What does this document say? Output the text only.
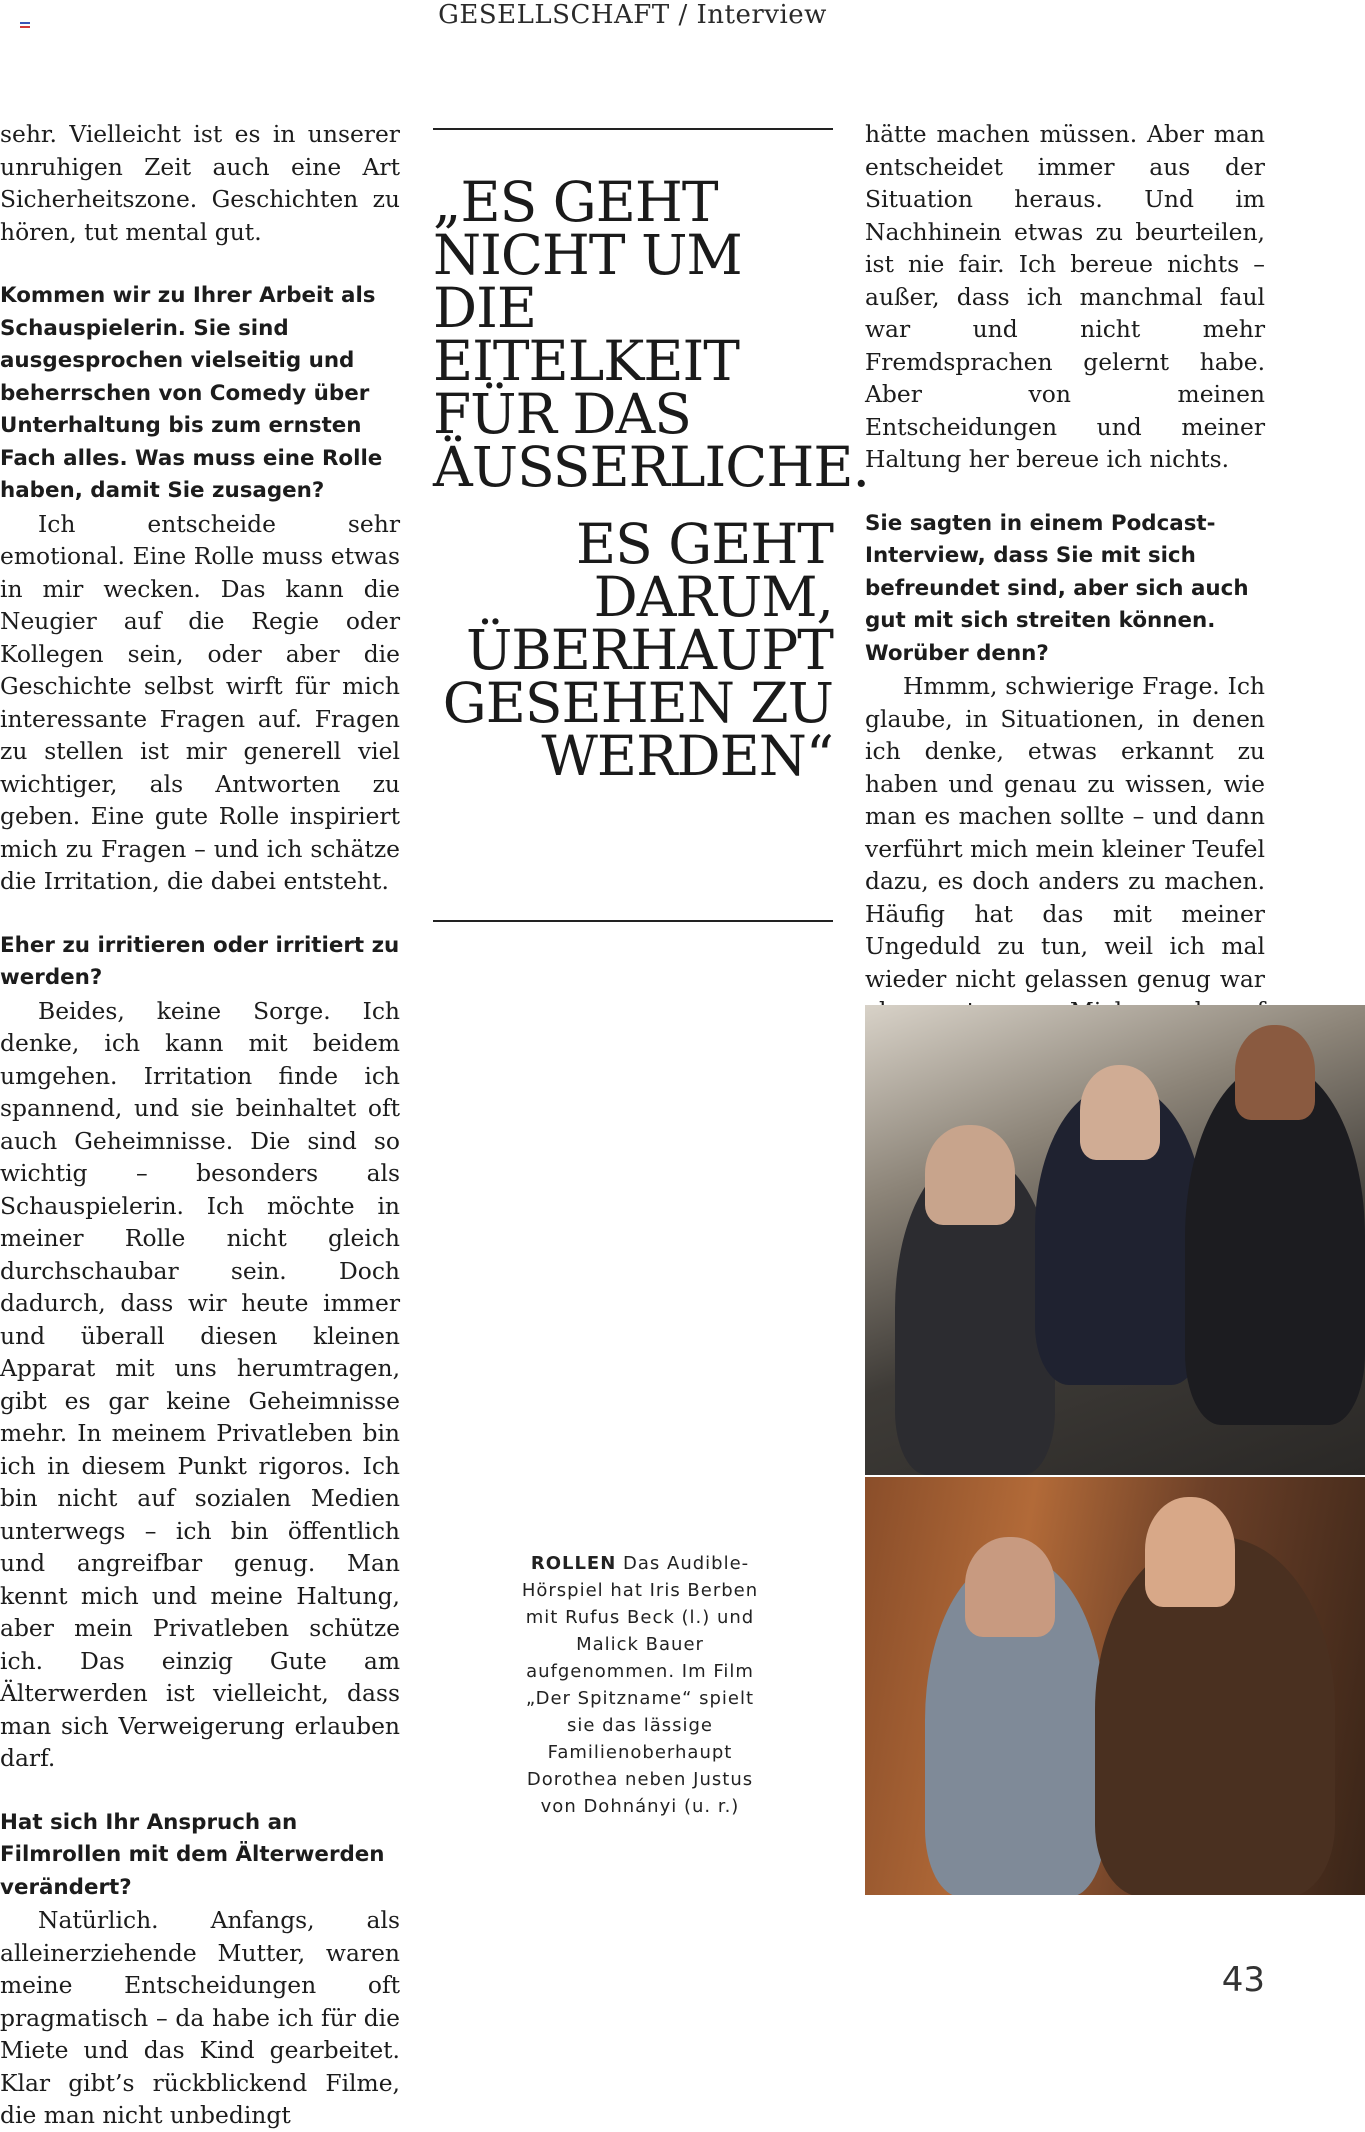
GESELLSCHAFT / Interview

sehr. Vielleicht ist es in unserer unruhigen Zeit auch eine Art Sicherheitszone. Geschichten zu hören, tut mental gut.

Kommen wir zu Ihrer Arbeit als Schauspielerin. Sie sind ausgesprochen vielseitig und beherrschen von Comedy über Unterhaltung bis zum ernsten Fach alles. Was muss eine Rolle haben, damit Sie zusagen?

Ich entscheide sehr emotional. Eine Rolle muss etwas in mir wecken. Das kann die Neugier auf die Regie oder Kollegen sein, oder aber die Geschichte selbst wirft für mich interessante Fragen auf. Fragen zu stellen ist mir generell viel wichtiger, als Antworten zu geben. Eine gute Rolle inspiriert mich zu Fragen – und ich schätze die Irritation, die dabei entsteht.

Eher zu irritieren oder irritiert zu werden?

Beides, keine Sorge. Ich denke, ich kann mit beidem umgehen. Irritation finde ich spannend, und sie beinhaltet oft auch Geheimnisse. Die sind so wichtig – besonders als Schauspielerin. Ich möchte in meiner Rolle nicht gleich durchschaubar sein. Doch dadurch, dass wir heute immer und überall diesen kleinen Apparat mit uns herumtragen, gibt es gar keine Geheimnisse mehr. In meinem Privatleben bin ich in diesem Punkt rigoros. Ich bin nicht auf sozialen Medien unterwegs – ich bin öffentlich und angreifbar genug. Man kennt mich und meine Haltung, aber mein Privatleben schütze ich. Das einzig Gute am Älterwerden ist vielleicht, dass man sich Verweigerung erlauben darf.

Hat sich Ihr Anspruch an Filmrollen mit dem Älterwerden verändert?

Natürlich. Anfangs, als alleinerziehende Mutter, waren meine Entscheidungen oft pragmatisch – da habe ich für die Miete und das Kind gearbeitet. Klar gibt’s rückblickend Filme, die man nicht unbedingt

„ES GEHT NICHT UM DIE EITELKEIT FÜR DAS ÄUSSERLICHE.
ES GEHT DARUM, ÜBERHAUPT GESEHEN ZU WERDEN“

hätte machen müssen. Aber man entscheidet immer aus der Situation heraus. Und im Nachhinein etwas zu beurteilen, ist nie fair. Ich bereue nichts – außer, dass ich manchmal faul war und nicht mehr Fremdsprachen gelernt habe. Aber von meinen Entscheidungen und meiner Haltung her bereue ich nichts.

Sie sagten in einem Podcast-Interview, dass Sie mit sich befreundet sind, aber sich auch gut mit sich streiten können. Worüber denn?

Hmmm, schwierige Frage. Ich glaube, in Situationen, in denen ich denke, etwas erkannt zu haben und genau zu wissen, wie man es machen sollte – und dann verführt mich mein kleiner Teufel dazu, es doch anders zu machen. Häufig hat das mit meiner Ungeduld zu tun, weil ich mal wieder nicht gelassen genug war

ROLLEN Das Audible-Hörspiel hat Iris Berben mit Rufus Beck (l.) und Malick Bauer aufgenommen. Im Film „Der Spitzname“ spielt sie das lässige Familienoberhaupt Dorothea neben Justus von Dohnányi (u. r.)
43
